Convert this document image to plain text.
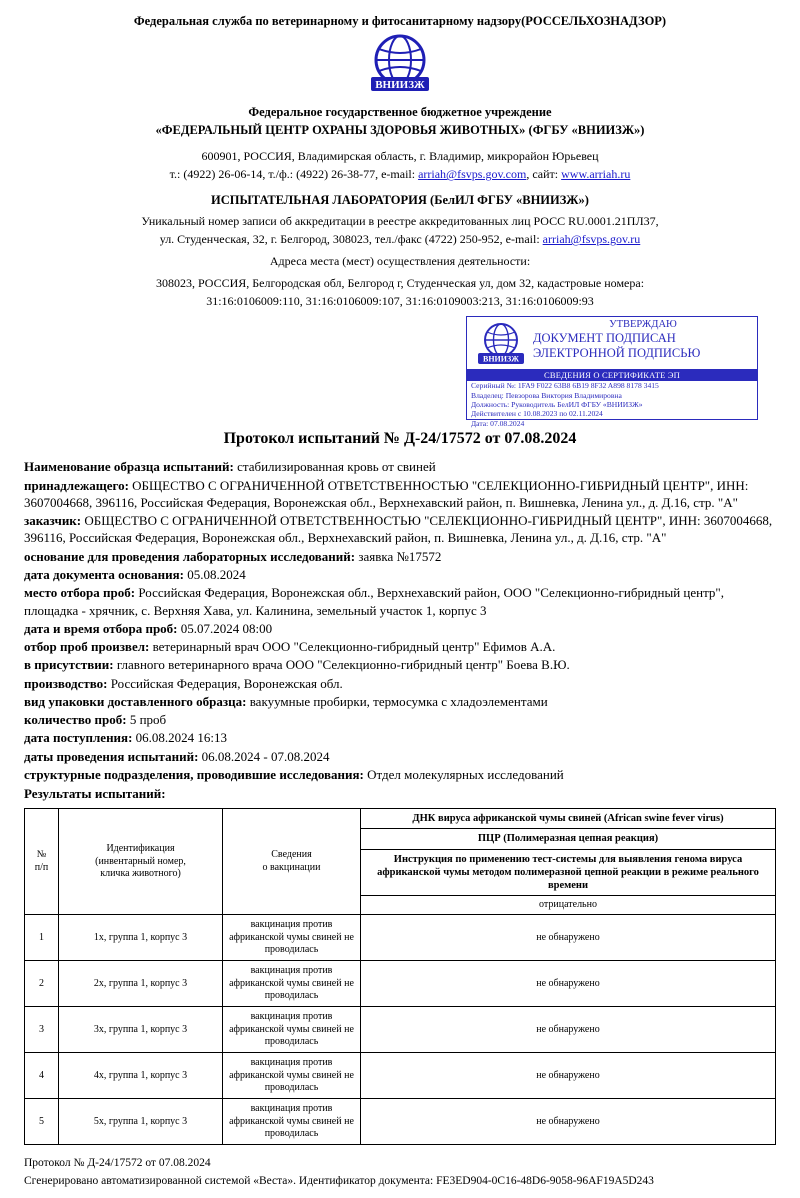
Федеральная служба по ветеринарному и фитосанитарному надзору(РОССЕЛЬХОЗНАДЗОР)
ВНИИЗЖ
Федеральное государственное бюджетное учреждение
«ФЕДЕРАЛЬНЫЙ ЦЕНТР ОХРАНЫ ЗДОРОВЬЯ ЖИВОТНЫХ» (ФГБУ «ВНИИЗЖ»)
600901, РОССИЯ, Владимирская область, г. Владимир, микрорайон Юрьевец
т.: (4922) 26-06-14, т./ф.: (4922) 26-38-77, e-mail: arriah@fsvps.gov.com, сайт: www.arriah.ru
ИСПЫТАТЕЛЬНАЯ ЛАБОРАТОРИЯ (БелИЛ ФГБУ «ВНИИЗЖ»)
Уникальный номер записи об аккредитации в реестре аккредитованных лиц РОСС RU.0001.21ПЛ37,
ул. Студенческая, 32, г. Белгород, 308023, тел./факс (4722) 250-952, e-mail: arriah@fsvps.gov.ru
Адреса места (мест) осуществления деятельности:
308023, РОССИЯ, Белгородская обл, Белгород г, Студенческая ул, дом 32, кадастровые номера:
31:16:0106009:110, 31:16:0106009:107, 31:16:0109003:213, 31:16:0106009:93
ВНИИЗЖ
УТВЕРЖДАЮ
ДОКУМЕНТ ПОДПИСАН
ЭЛЕКТРОННОЙ ПОДПИСЬЮ
СВЕДЕНИЯ О СЕРТИФИКАТЕ ЭП
Серийный №: 1FA9 F022 63B8 6B19 8F32 A898 8178 3415
Владелец: Певзорова Виктория Владимировна
Должность: Руководитель БелИЛ ФГБУ «ВНИИЗЖ»
Действителен с 10.08.2023 по 02.11.2024
Дата: 07.08.2024
Протокол испытаний № Д-24/17572 от 07.08.2024
Наименование образца испытаний: стабилизированная кровь от свиней
принадлежащего: ОБЩЕСТВО С ОГРАНИЧЕННОЙ ОТВЕТСТВЕННОСТЬЮ "СЕЛЕКЦИОННО-ГИБРИДНЫЙ ЦЕНТР", ИНН: 3607004668, 396116, Российская Федерация, Воронежская обл., Верхнехавский район, п. Вишневка, Ленина ул., д. Д.16, стр. "А"
заказчик: ОБЩЕСТВО С ОГРАНИЧЕННОЙ ОТВЕТСТВЕННОСТЬЮ "СЕЛЕКЦИОННО-ГИБРИДНЫЙ ЦЕНТР", ИНН: 3607004668, 396116, Российская Федерация, Воронежская обл., Верхнехавский район, п. Вишневка, Ленина ул., д. Д.16, стр. "А"
основание для проведения лабораторных исследований: заявка №17572
дата документа основания: 05.08.2024
место отбора проб: Российская Федерация, Воронежская обл., Верхнехавский район, ООО "Селекционно-гибридный центр", площадка - хрячник, с. Верхняя Хава, ул. Калинина, земельный участок 1, корпус 3
дата и время отбора проб: 05.07.2024 08:00
отбор проб произвел: ветеринарный врач ООО "Селекционно-гибридный центр" Ефимов А.А.
в присутствии: главного ветеринарного врача ООО "Селекционно-гибридный центр" Боева В.Ю.
производство: Российская Федерация, Воронежская обл.
вид упаковки доставленного образца: вакуумные пробирки, термосумка с хладоэлементами
количество проб: 5 проб
дата поступления: 06.08.2024 16:13
даты проведения испытаний: 06.08.2024 - 07.08.2024
структурные подразделения, проводившие исследования: Отдел молекулярных исследований
Результаты испытаний:
№
п/п

Идентификация
(инвентарный номер,
кличка животного)

Сведения
о вакцинации
	ДНК вируса африканской чумы свиней (African swine fever virus)
			ПЦР (Полимеразная цепная реакция)
			Инструкция по применению тест-системы для выявления генома вируса африканской чумы методом полимеразной цепной реакции в режиме реального времени
			отрицательно
1	1х, группа 1, корпус 3	вакцинация против африканской чумы свиней не проводилась	не обнаружено
2	2х, группа 1, корпус 3	вакцинация против африканской чумы свиней не проводилась	не обнаружено
3	3х, группа 1, корпус 3	вакцинация против африканской чумы свиней не проводилась	не обнаружено
4	4х, группа 1, корпус 3	вакцинация против африканской чумы свиней не проводилась	не обнаружено
5	5х, группа 1, корпус 3	вакцинация против африканской чумы свиней не проводилась	не обнаружено
Протокол № Д-24/17572 от 07.08.2024
Сгенерировано автоматизированной системой «Веста». Идентификатор документа: FE3ED904-0C16-48D6-9058-96AF19A5D243
